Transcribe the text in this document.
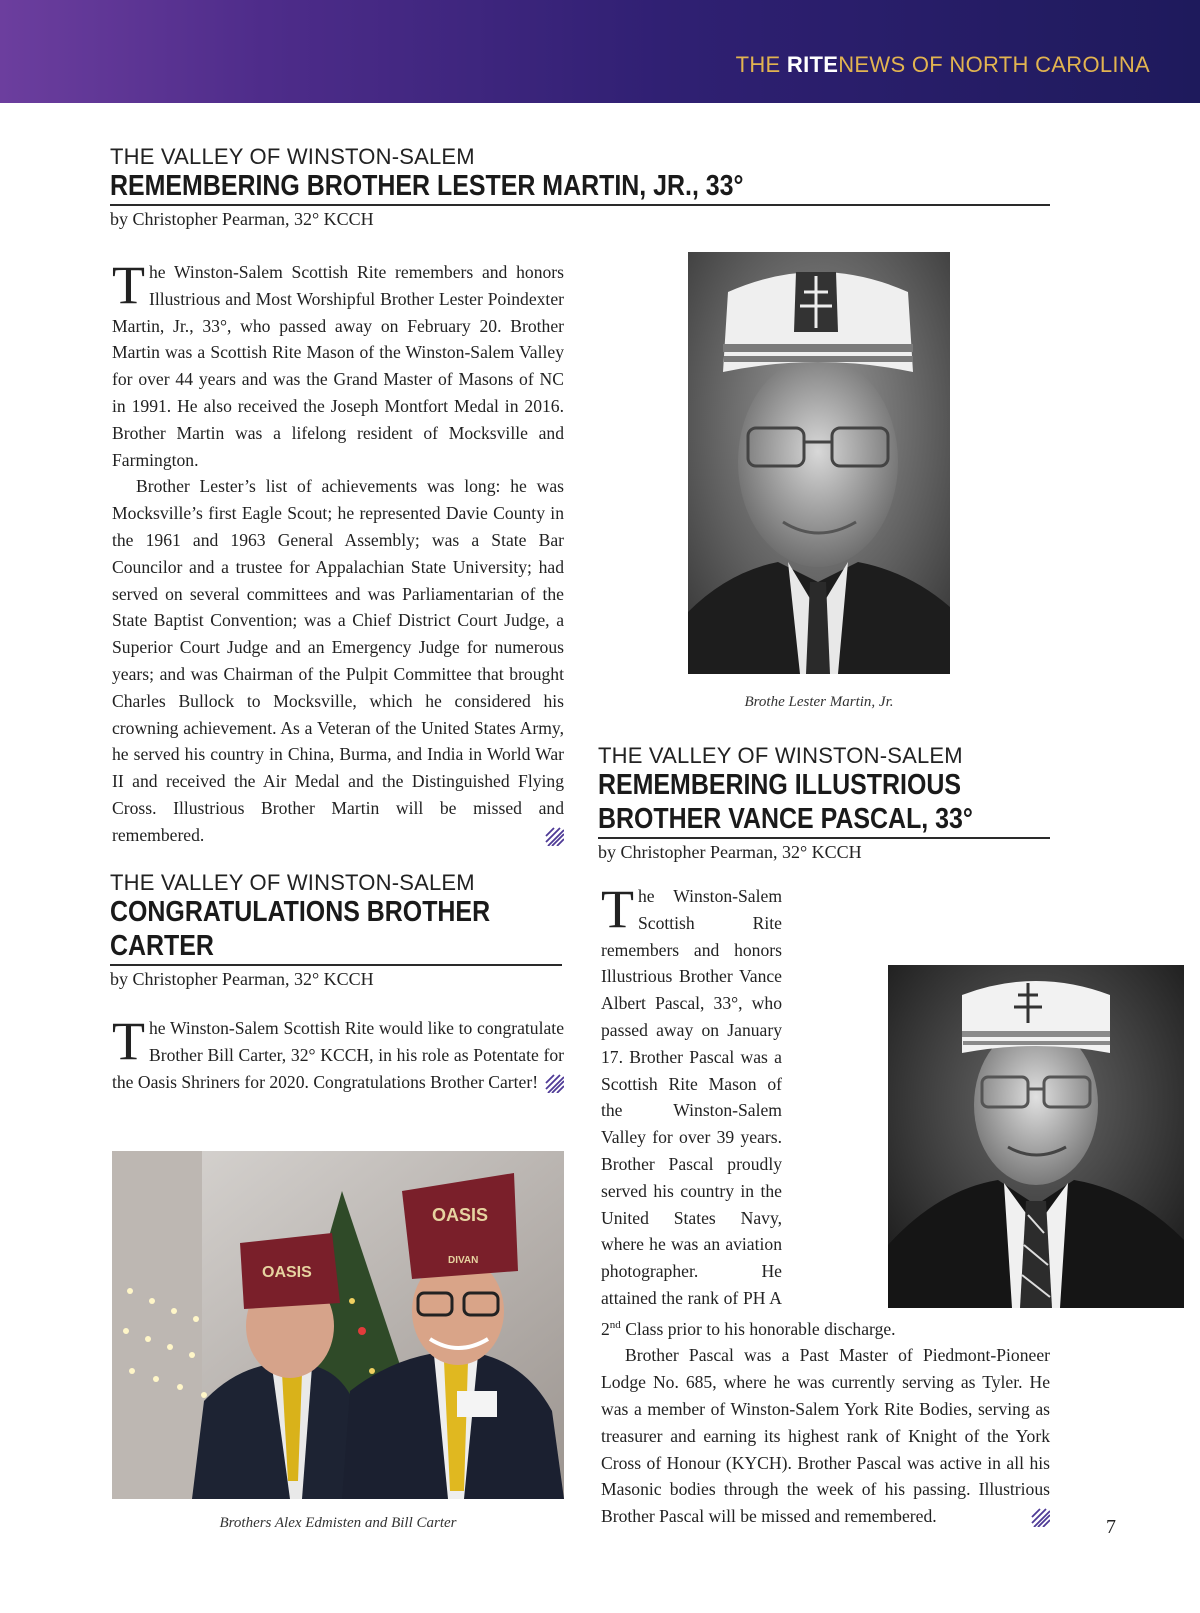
THE RITENEWS OF NORTH CAROLINA
THE VALLEY OF WINSTON-SALEM
REMEMBERING BROTHER LESTER MARTIN, JR., 33°
by Christopher Pearman, 32° KCCH

The Winston-Salem Scottish Rite remembers and honors Illustrious and Most Worshipful Brother Lester Poindexter Martin, Jr., 33°, who passed away on February 20. Brother Martin was a Scottish Rite Mason of the Winston-Salem Valley for over 44 years and was the Grand Master of Masons of NC in 1991. He also received the Joseph Montfort Medal in 2016. Brother Martin was a lifelong resident of Mocksville and Farmington.

Brother Lester’s list of achievements was long: he was Mocksville’s first Eagle Scout; he represented Davie County in the 1961 and 1963 General Assembly; was a State Bar Councilor and a trustee for Appalachian State University; had served on several committees and was Parliamentarian of the State Baptist Convention; was a Chief District Court Judge, a Superior Court Judge and an Emergency Judge for numerous years; and was Chairman of the Pulpit Committee that brought Charles Bullock to Mocksville, which he considered his crowning achievement. As a Veteran of the United States Army, he served his country in China, Burma, and India in World War II and received the Air Medal and the Distinguished Flying Cross. Illustrious Brother Martin will be missed and remembered.

Brothe Lester Martin, Jr.
THE VALLEY OF WINSTON-SALEM
CONGRATULATIONS BROTHER
CARTER
by Christopher Pearman, 32° KCCH

The Winston-Salem Scottish Rite would like to congratulate Brother Bill Carter, 32° KCCH, in his role as Potentate for the Oasis Shriners for 2020. Congratulations Brother Carter!

OASIS
OASIS
DIVAN
Brothers Alex Edmisten and Bill Carter
THE VALLEY OF WINSTON-SALEM
REMEMBERING ILLUSTRIOUS
BROTHER VANCE PASCAL, 33°
by Christopher Pearman, 32° KCCH

The Winston-Salem Scottish Rite remembers and honors Illustrious Brother Vance Albert Pascal, 33°, who passed away on January 17. Brother Pascal was a Scottish Rite Mason of the Winston-Salem Valley for over 39 years. Brother Pascal proudly served his country in the United States Navy, where he was an aviation photographer. He attained the rank of PH A 2nd Class prior to his honorable discharge.

Brother Pascal was a Past Master of Piedmont-Pioneer Lodge No. 685, where he was currently serving as Tyler. He was a member of Winston-Salem York Rite Bodies, serving as treasurer and earning its highest rank of Knight of the York Cross of Honour (KYCH). Brother Pascal was active in all his Masonic bodies through the week of his passing. Illustrious Brother Pascal will be missed and remembered.	7
